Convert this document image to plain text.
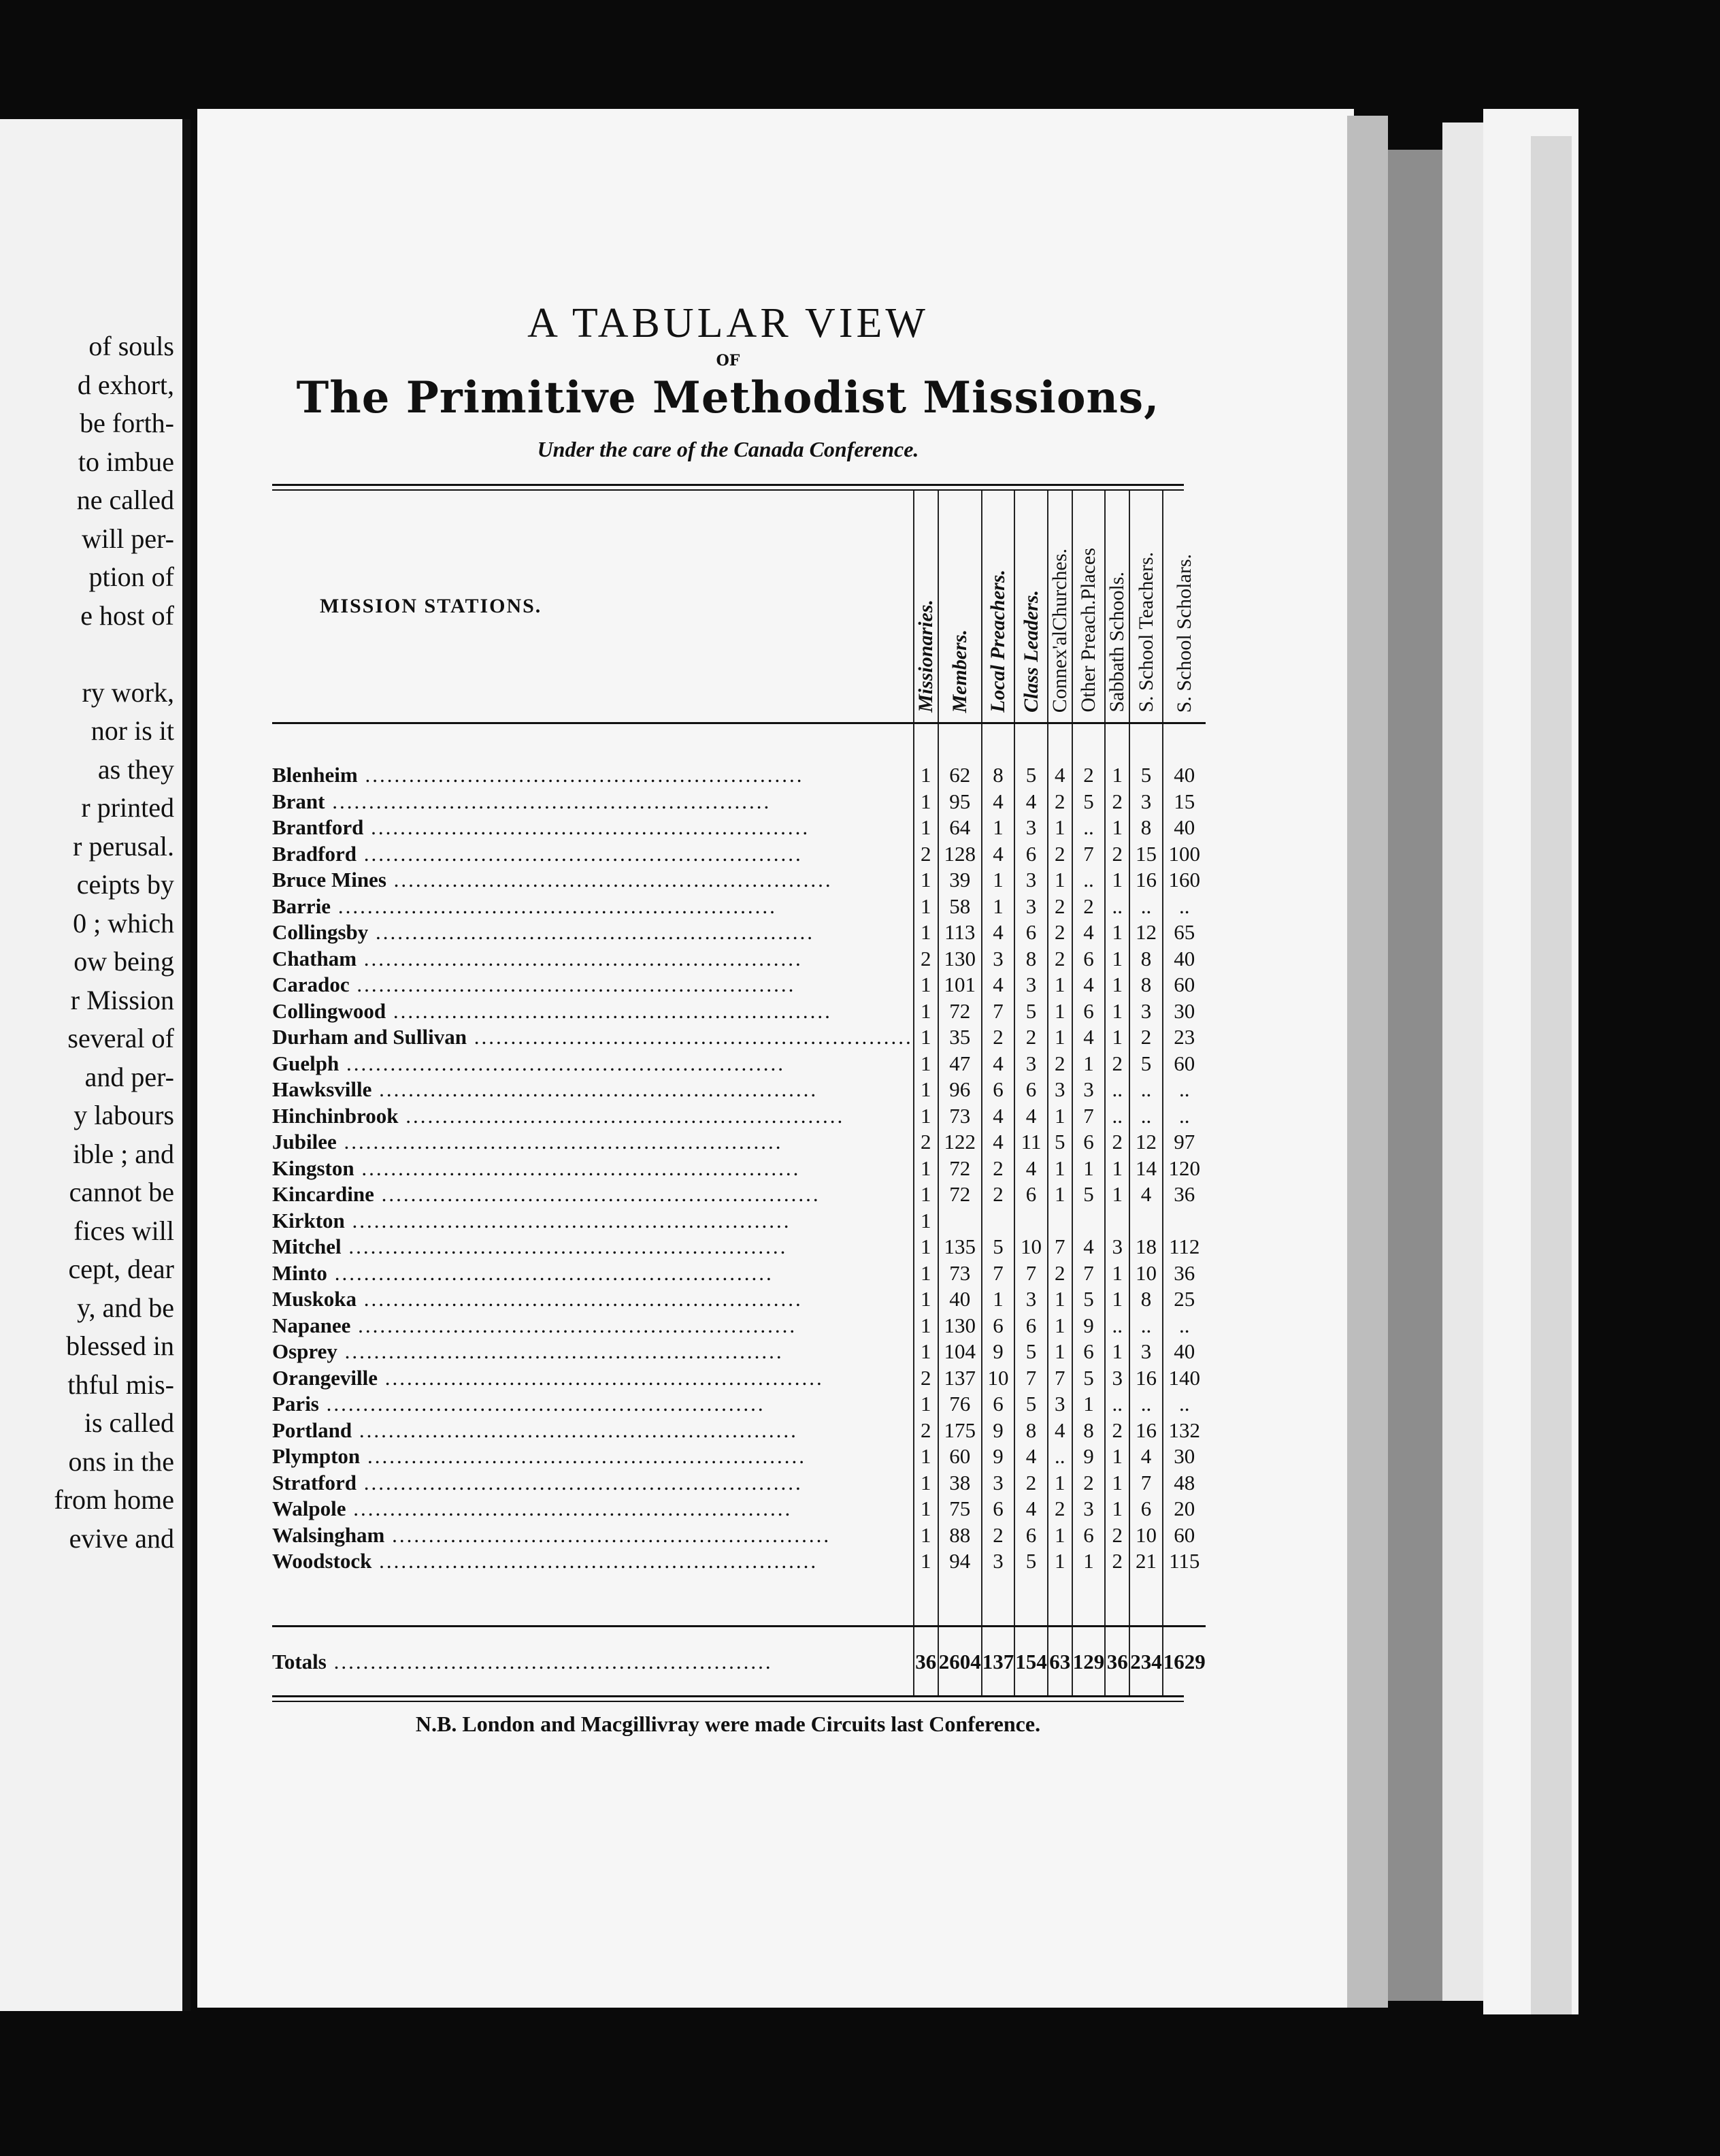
of souls
d exhort,
be forth-
to imbue
ne called
will per-
ption of
e host of
ry work,
nor is it
as they
r printed
r perusal.
ceipts by
0 ; which
ow being
r Mission
several of
and per-
y labours
ible ; and
cannot be
fices will
cept, dear
y, and be
blessed in
thful mis-
is called
ons in the
from home
evive and
A TABULAR VIEW
OF
The Primitive Methodist Missions,
Under the care of the Canada Conference.
MISSION STATIONS.	Missionaries.	Members.	Local Preachers.	Class Leaders.	Connex'alChurches.	Other Preach.Places	Sabbath Schools.	S. School Teachers.	S. School Scholars.

Blenheim ............................................................	1	62	8	5	4	2	1	5	40
Brant ............................................................	1	95	4	4	2	5	2	3	15
Brantford ............................................................	1	64	1	3	1	..	1	8	40
Bradford ............................................................	2	128	4	6	2	7	2	15	100
Bruce Mines ............................................................	1	39	1	3	1	..	1	16	160
Barrie ............................................................	1	58	1	3	2	2	..	..	..
Collingsby ............................................................	1	113	4	6	2	4	1	12	65
Chatham ............................................................	2	130	3	8	2	6	1	8	40
Caradoc ............................................................	1	101	4	3	1	4	1	8	60
Collingwood ............................................................	1	72	7	5	1	6	1	3	30
Durham and Sullivan ............................................................	1	35	2	2	1	4	1	2	23
Guelph ............................................................	1	47	4	3	2	1	2	5	60
Hawksville ............................................................	1	96	6	6	3	3	..	..	..
Hinchinbrook ............................................................	1	73	4	4	1	7	..	..	..
Jubilee ............................................................	2	122	4	11	5	6	2	12	97
Kingston ............................................................	1	72	2	4	1	1	1	14	120
Kincardine ............................................................	1	72	2	6	1	5	1	4	36
Kirkton ............................................................	1								
Mitchel ............................................................	1	135	5	10	7	4	3	18	112
Minto ............................................................	1	73	7	7	2	7	1	10	36
Muskoka ............................................................	1	40	1	3	1	5	1	8	25
Napanee ............................................................	1	130	6	6	1	9	..	..	..
Osprey ............................................................	1	104	9	5	1	6	1	3	40
Orangeville ............................................................	2	137	10	7	7	5	3	16	140
Paris ............................................................	1	76	6	5	3	1	..	..	..
Portland ............................................................	2	175	9	8	4	8	2	16	132
Plympton ............................................................	1	60	9	4	..	9	1	4	30
Stratford ............................................................	1	38	3	2	1	2	1	7	48
Walpole ............................................................	1	75	6	4	2	3	1	6	20
Walsingham ............................................................	1	88	2	6	1	6	2	10	60
Woodstock ............................................................	1	94	3	5	1	1	2	21	115
Totals ............................................................	36	2604	137	154	63	129	36	234	1629
N.B. London and Macgillivray were made Circuits last Conference.
